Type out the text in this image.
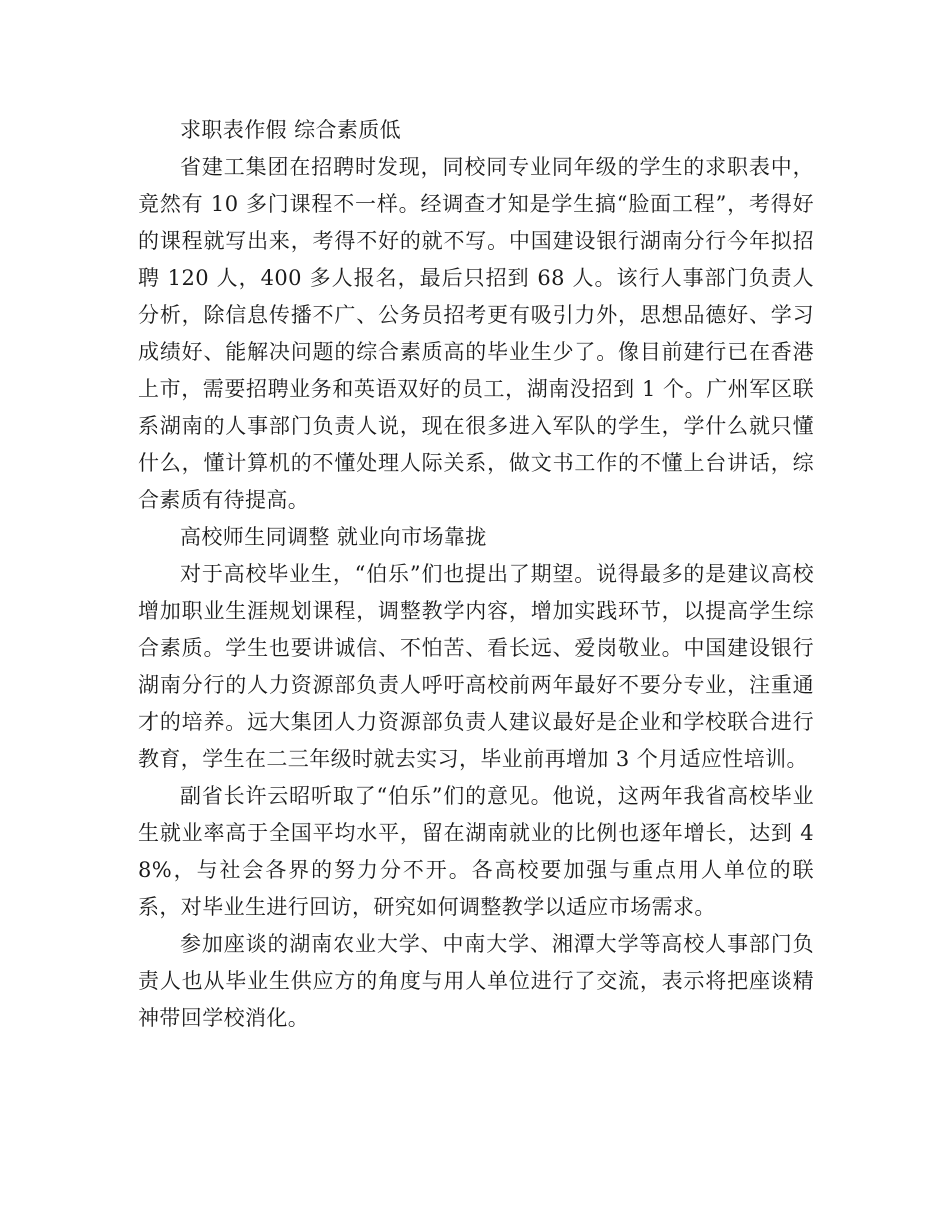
求职表作假 综合素质低

省建工集团在招聘时发现，同校同专业同年级的学生的求职表中，竟然有 10 多门课程不一样。经调查才知是学生搞“脸面工程”，考得好的课程就写出来，考得不好的就不写。中国建设银行湖南分行今年拟招聘 120 人，400 多人报名，最后只招到 68 人。该行人事部门负责人分析，除信息传播不广、公务员招考更有吸引力外，思想品德好、学习成绩好、能解决问题的综合素质高的毕业生少了。像目前建行已在香港上市，需要招聘业务和英语双好的员工，湖南没招到 1 个。广州军区联系湖南的人事部门负责人说，现在很多进入军队的学生，学什么就只懂什么，懂计算机的不懂处理人际关系，做文书工作的不懂上台讲话，综合素质有待提高。

高校师生同调整 就业向市场靠拢

对于高校毕业生，“伯乐”们也提出了期望。说得最多的是建议高校增加职业生涯规划课程，调整教学内容，增加实践环节，以提高学生综合素质。学生也要讲诚信、不怕苦、看长远、爱岗敬业。中国建设银行湖南分行的人力资源部负责人呼吁高校前两年最好不要分专业，注重通才的培养。远大集团人力资源部负责人建议最好是企业和学校联合进行教育，学生在二三年级时就去实习，毕业前再增加 3 个月适应性培训。

副省长许云昭听取了“伯乐”们的意见。他说，这两年我省高校毕业生就业率高于全国平均水平，留在湖南就业的比例也逐年增长，达到 48%，与社会各界的努力分不开。各高校要加强与重点用人单位的联系，对毕业生进行回访，研究如何调整教学以适应市场需求。

参加座谈的湖南农业大学、中南大学、湘潭大学等高校人事部门负责人也从毕业生供应方的角度与用人单位进行了交流，表示将把座谈精神带回学校消化。
